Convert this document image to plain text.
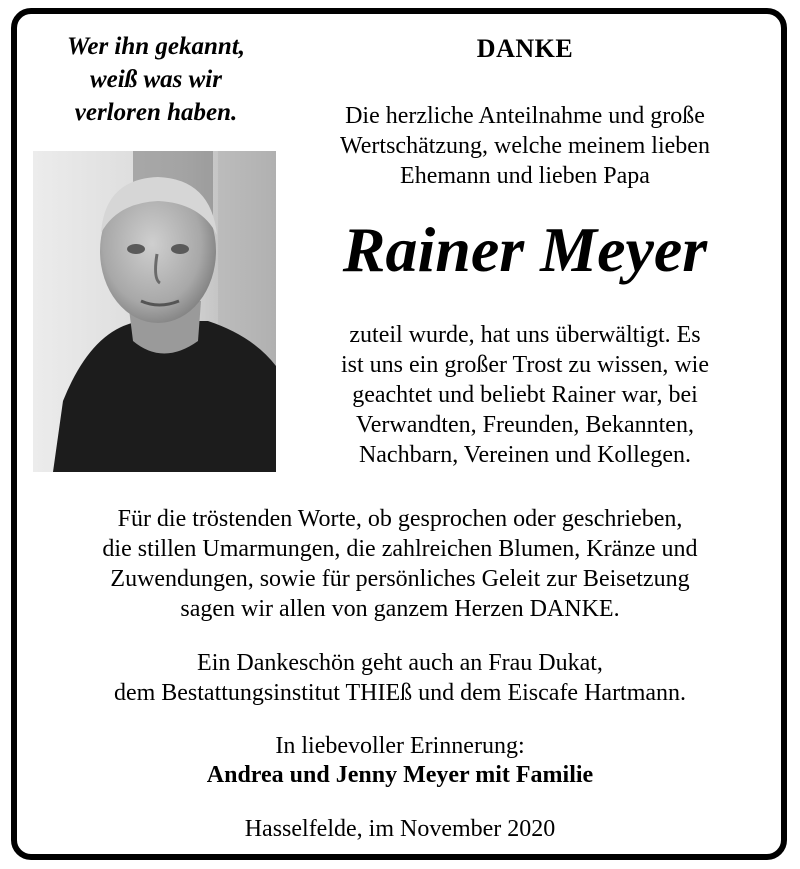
Wer ihn gekannt,
weiß was wir
verloren haben.
DANKE
Die herzliche Anteilnahme und große
Wertschätzung, welche meinem lieben
Ehemann und lieben Papa
Rainer Meyer
zuteil wurde, hat uns überwältigt. Es
ist uns ein großer Trost zu wissen, wie
geachtet und beliebt Rainer war, bei
Verwandten, Freunden, Bekannten,
Nachbarn, Vereinen und Kollegen.
Für die tröstenden Worte, ob gesprochen oder geschrieben,
die stillen Umarmungen, die zahlreichen Blumen, Kränze und
Zuwendungen, sowie für persönliches Geleit zur Beisetzung
sagen wir allen von ganzem Herzen DANKE.
Ein Dankeschön geht auch an Frau Dukat,
dem Bestattungsinstitut THIEß und dem Eiscafe Hartmann.
In liebevoller Erinnerung:
Andrea und Jenny Meyer mit Familie
Hasselfelde, im November 2020
